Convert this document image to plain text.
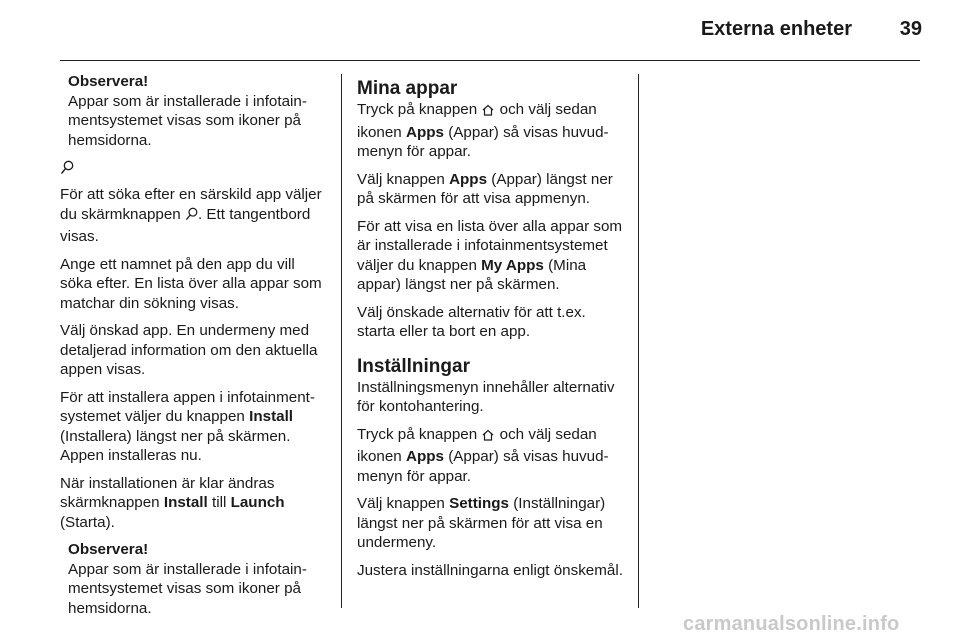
Externa enheter 39
Observera!
Appar som är installerade i infotainmentsystemet visas som ikoner på hemsidorna.

För att söka efter en särskild app väljer du skärmknappen . Ett tangentbord visas.

Ange ett namnet på den app du vill söka efter. En lista över alla appar som matchar din sökning visas.

Välj önskad app. En undermeny med detaljerad information om den aktuella appen visas.

För att installera appen i infotainmentsystemet väljer du knappen Install (Installera) längst ner på skärmen. Appen installeras nu.

När installationen är klar ändras skärmknappen Install till Launch (Starta).

Observera!
Appar som är installerade i infotainmentsystemet visas som ikoner på hemsidorna.
Mina appar

Tryck på knappen och välj sedan ikonen Apps (Appar) så visas huvudmenyn för appar.

Välj knappen Apps (Appar) längst ner på skärmen för att visa appmenyn.

För att visa en lista över alla appar som är installerade i infotainmentsystemet väljer du knappen My Apps (Mina appar) längst ner på skärmen.

Välj önskade alternativ för att t.ex. starta eller ta bort en app.

Inställningar

Inställningsmenyn innehåller alternativ för kontohantering.

Tryck på knappen och välj sedan ikonen Apps (Appar) så visas huvudmenyn för appar.

Välj knappen Settings (Inställningar) längst ner på skärmen för att visa en undermeny.

Justera inställningarna enligt önskemål.

carmanualsonline.info
